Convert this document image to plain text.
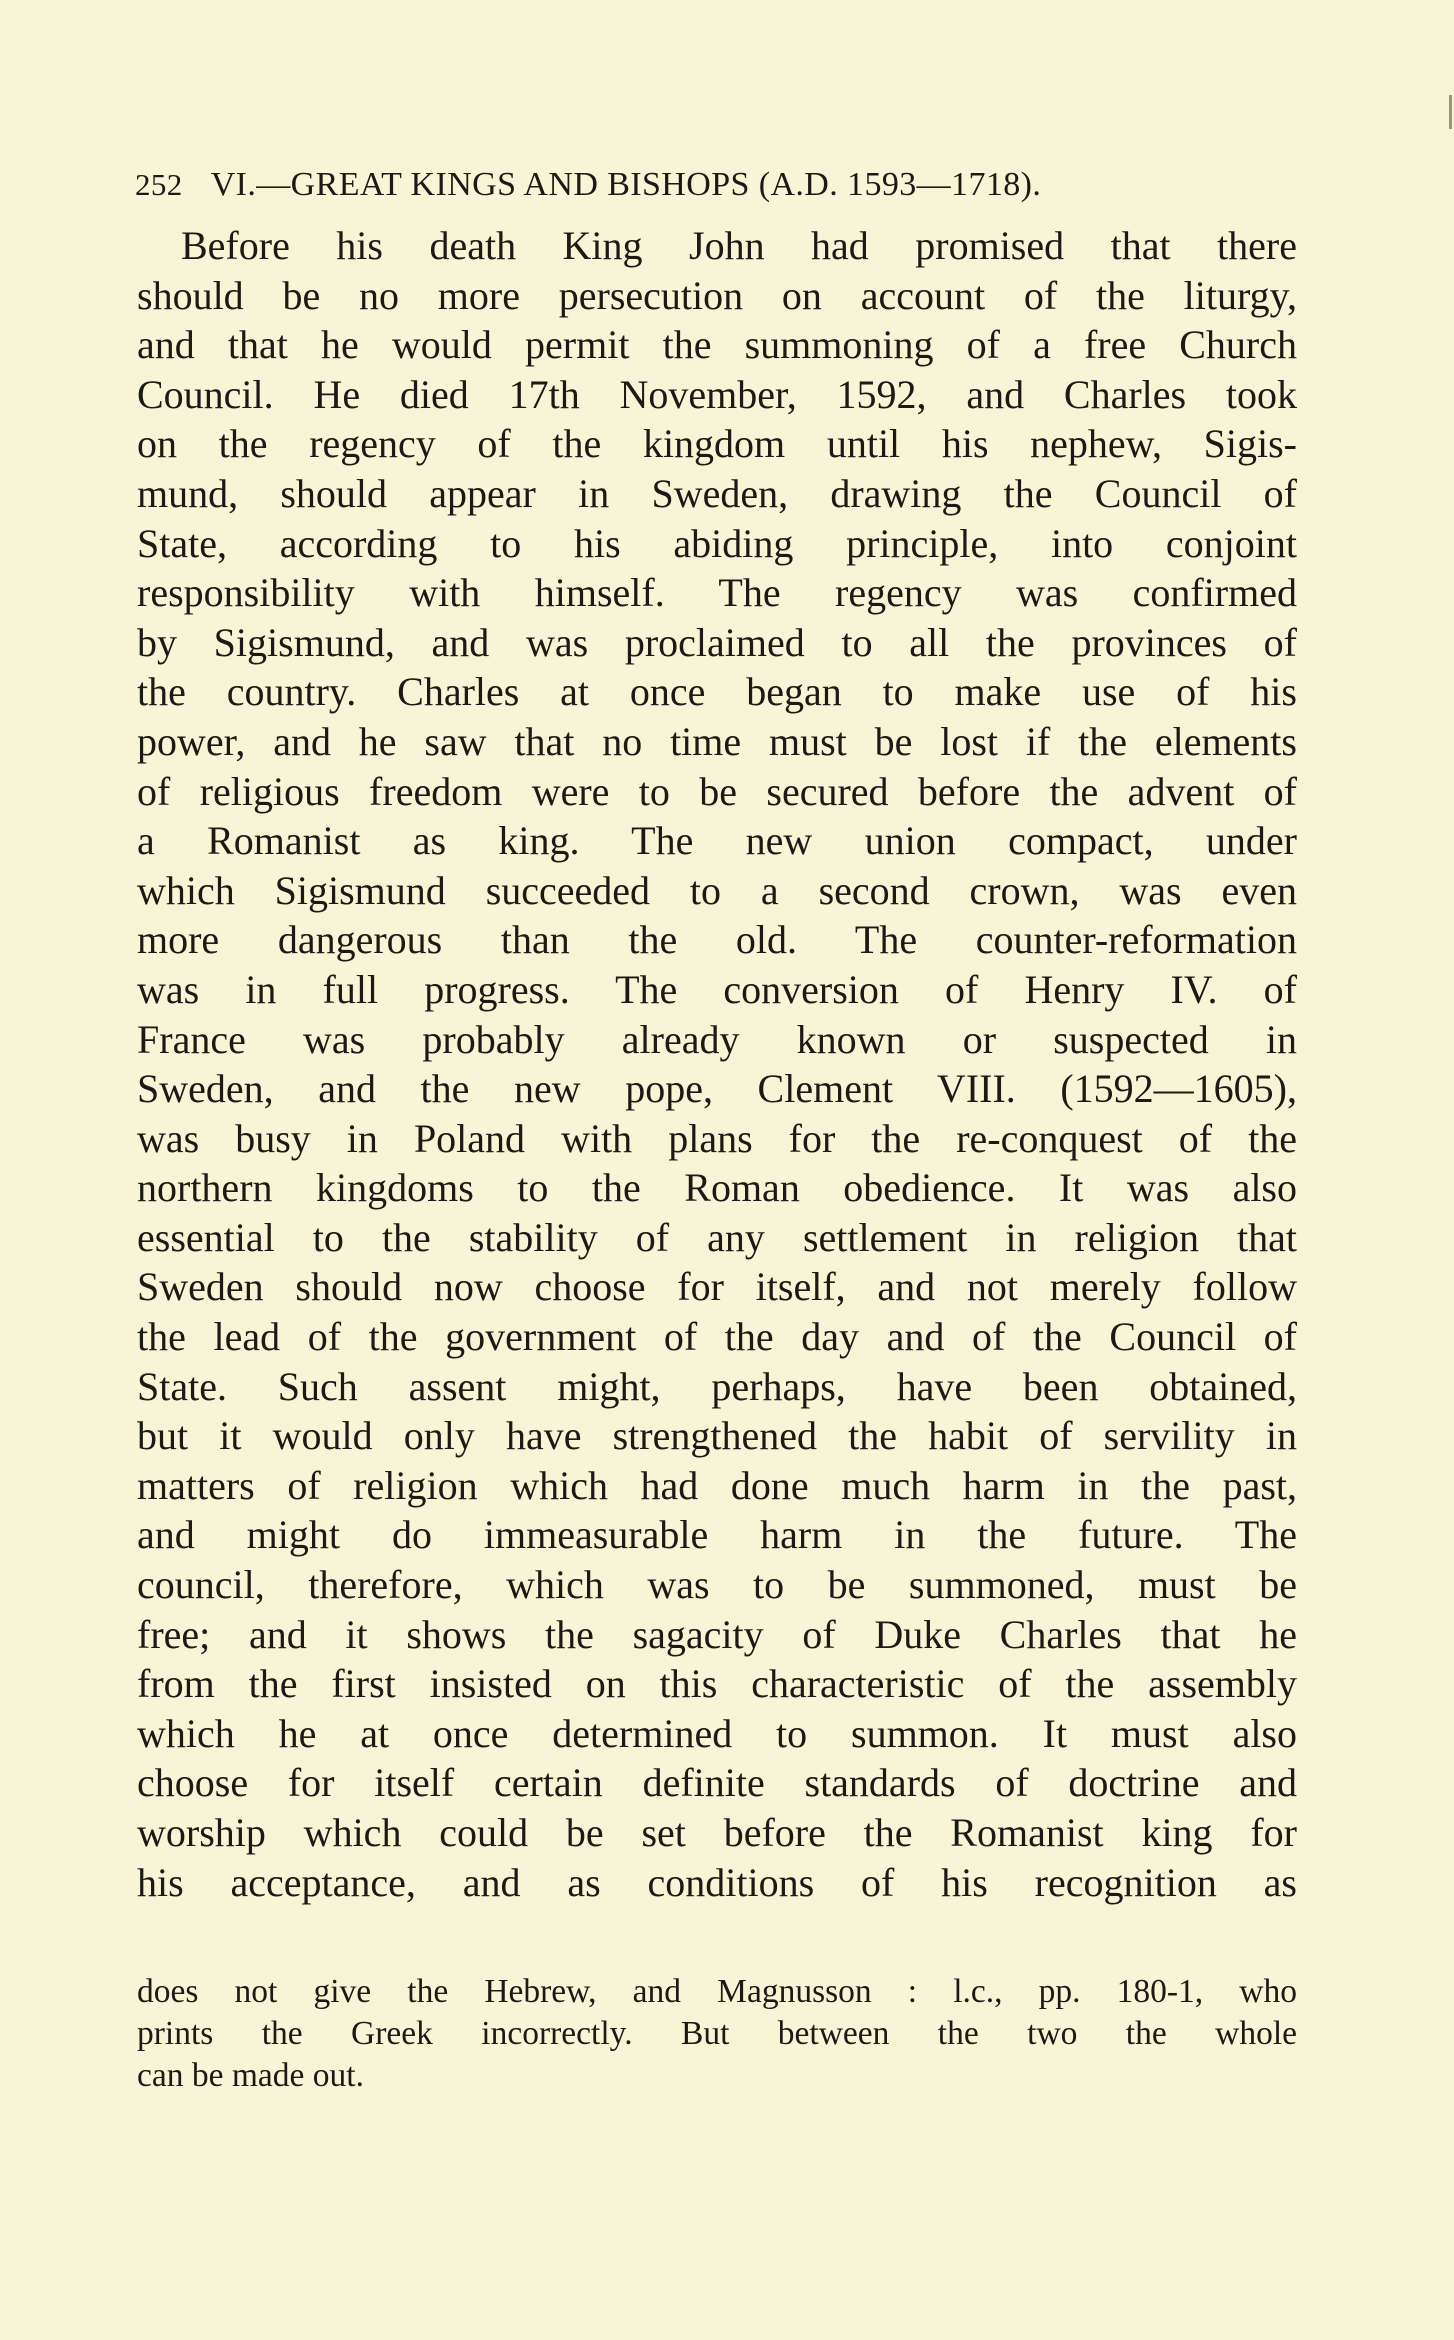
252 VI.—GREAT KINGS AND BISHOPS (A.D. 1593—1718).
Before his death King John had promised that there
should be no more persecution on account of the liturgy,
and that he would permit the summoning of a free Church
Council. He died 17th November, 1592, and Charles took
on the regency of the kingdom until his nephew, Sigis-
mund, should appear in Sweden, drawing the Council of
State, according to his abiding principle, into conjoint
responsibility with himself. The regency was confirmed
by Sigismund, and was proclaimed to all the provinces of
the country. Charles at once began to make use of his
power, and he saw that no time must be lost if the elements
of religious freedom were to be secured before the advent of
a Romanist as king. The new union compact, under
which Sigismund succeeded to a second crown, was even
more dangerous than the old. The counter-reformation
was in full progress. The conversion of Henry IV. of
France was probably already known or suspected in
Sweden, and the new pope, Clement VIII. (1592—1605),
was busy in Poland with plans for the re-conquest of the
northern kingdoms to the Roman obedience. It was also
essential to the stability of any settlement in religion that
Sweden should now choose for itself, and not merely follow
the lead of the government of the day and of the Council of
State. Such assent might, perhaps, have been obtained,
but it would only have strengthened the habit of servility in
matters of religion which had done much harm in the past,
and might do immeasurable harm in the future. The
council, therefore, which was to be summoned, must be
free; and it shows the sagacity of Duke Charles that he
from the first insisted on this characteristic of the assembly
which he at once determined to summon. It must also
choose for itself certain definite standards of doctrine and
worship which could be set before the Romanist king for
his acceptance, and as conditions of his recognition as
does not give the Hebrew, and Magnusson : l.c., pp. 180-1, who
prints the Greek incorrectly. But between the two the whole
can be made out.
